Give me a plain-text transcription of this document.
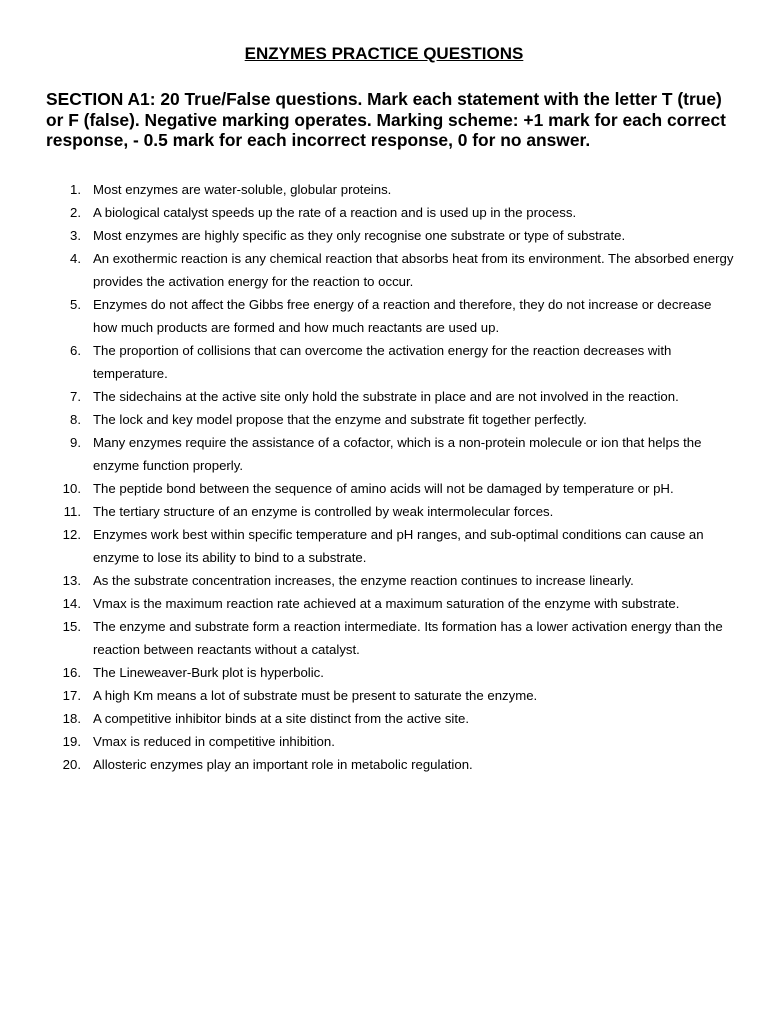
ENZYMES PRACTICE QUESTIONS
SECTION A1: 20 True/False questions. Mark each statement with the letter T (true) or F (false). Negative marking operates. Marking scheme: +1 mark for each correct response, - 0.5 mark for each incorrect response, 0 for no answer.
1. Most enzymes are water-soluble, globular proteins.
2. A biological catalyst speeds up the rate of a reaction and is used up in the process.
3. Most enzymes are highly specific as they only recognise one substrate or type of substrate.
4. An exothermic reaction is any chemical reaction that absorbs heat from its environment. The absorbed energy provides the activation energy for the reaction to occur.
5. Enzymes do not affect the Gibbs free energy of a reaction and therefore, they do not increase or decrease how much products are formed and how much reactants are used up.
6. The proportion of collisions that can overcome the activation energy for the reaction decreases with temperature.
7. The sidechains at the active site only hold the substrate in place and are not involved in the reaction.
8. The lock and key model propose that the enzyme and substrate fit together perfectly.
9. Many enzymes require the assistance of a cofactor, which is a non-protein molecule or ion that helps the enzyme function properly.
10. The peptide bond between the sequence of amino acids will not be damaged by temperature or pH.
11. The tertiary structure of an enzyme is controlled by weak intermolecular forces.
12. Enzymes work best within specific temperature and pH ranges, and sub-optimal conditions can cause an enzyme to lose its ability to bind to a substrate.
13. As the substrate concentration increases, the enzyme reaction continues to increase linearly.
14. Vmax is the maximum reaction rate achieved at a maximum saturation of the enzyme with substrate.
15. The enzyme and substrate form a reaction intermediate. Its formation has a lower activation energy than the reaction between reactants without a catalyst.
16. The Lineweaver-Burk plot is hyperbolic.
17. A high Km means a lot of substrate must be present to saturate the enzyme.
18. A competitive inhibitor binds at a site distinct from the active site.
19. Vmax is reduced in competitive inhibition.
20. Allosteric enzymes play an important role in metabolic regulation.
